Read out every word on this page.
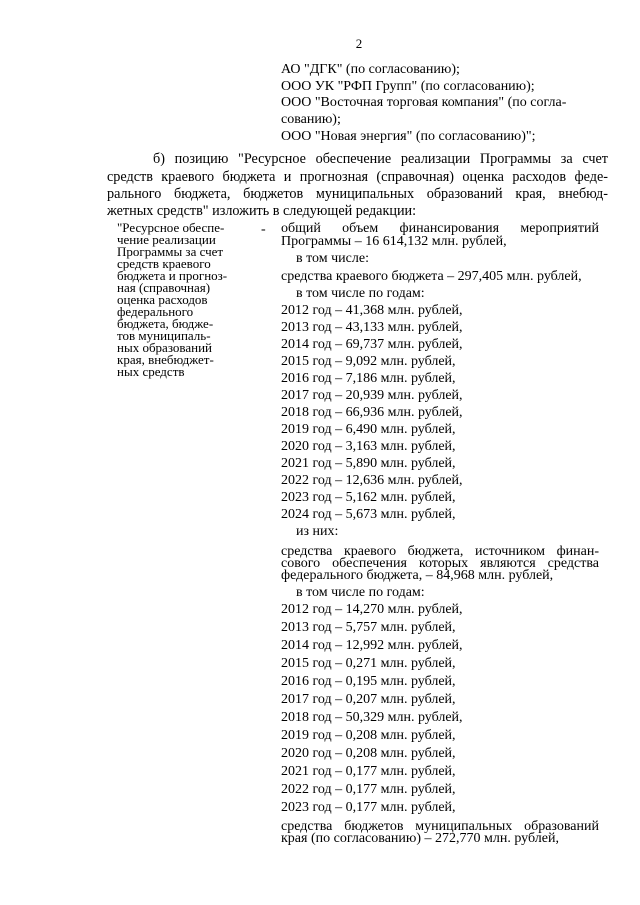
2
АО "ДГК" (по согласованию);
ООО УК "РФП Групп" (по согласованию);
ООО "Восточная торговая компания" (по согла-
сованию);
ООО "Новая энергия" (по согласованию)";
б) позицию "Ресурсное обеспечение реализации Программы за счет
средств краевого бюджета и прогнозная (справочная) оценка расходов феде-
рального бюджета, бюджетов муниципальных образований края, внебюд-
жетных средств" изложить в следующей редакции:
"Ресурсное обеспе-
чение реализации
Программы за счет
средств краевого
бюджета и прогноз-
ная (справочная)
оценка расходов
федерального
бюджета, бюдже-
тов муниципаль-
ных образований
края, внебюджет-
ных средств
- общий объем финансирования мероприятий
Программы – 16 614,132 млн. рублей,
в том числе:
средства краевого бюджета – 297,405 млн. рублей,
в том числе по годам:
2012 год – 41,368 млн. рублей,
2013 год – 43,133 млн. рублей,
2014 год – 69,737 млн. рублей,
2015 год – 9,092 млн. рублей,
2016 год – 7,186 млн. рублей,
2017 год – 20,939 млн. рублей,
2018 год – 66,936 млн. рублей,
2019 год – 6,490 млн. рублей,
2020 год – 3,163 млн. рублей,
2021 год – 5,890 млн. рублей,
2022 год – 12,636 млн. рублей,
2023 год – 5,162 млн. рублей,
2024 год – 5,673 млн. рублей,
из них:
средства краевого бюджета, источником финан-
сового обеспечения которых являются средства
федерального бюджета, – 84,968 млн. рублей,
в том числе по годам:
2012 год – 14,270 млн. рублей,
2013 год – 5,757 млн. рублей,
2014 год – 12,992 млн. рублей,
2015 год – 0,271 млн. рублей,
2016 год – 0,195 млн. рублей,
2017 год – 0,207 млн. рублей,
2018 год – 50,329 млн. рублей,
2019 год – 0,208 млн. рублей,
2020 год – 0,208 млн. рублей,
2021 год – 0,177 млн. рублей,
2022 год – 0,177 млн. рублей,
2023 год – 0,177 млн. рублей,
средства бюджетов муниципальных образований
края (по согласованию) – 272,770 млн. рублей,
